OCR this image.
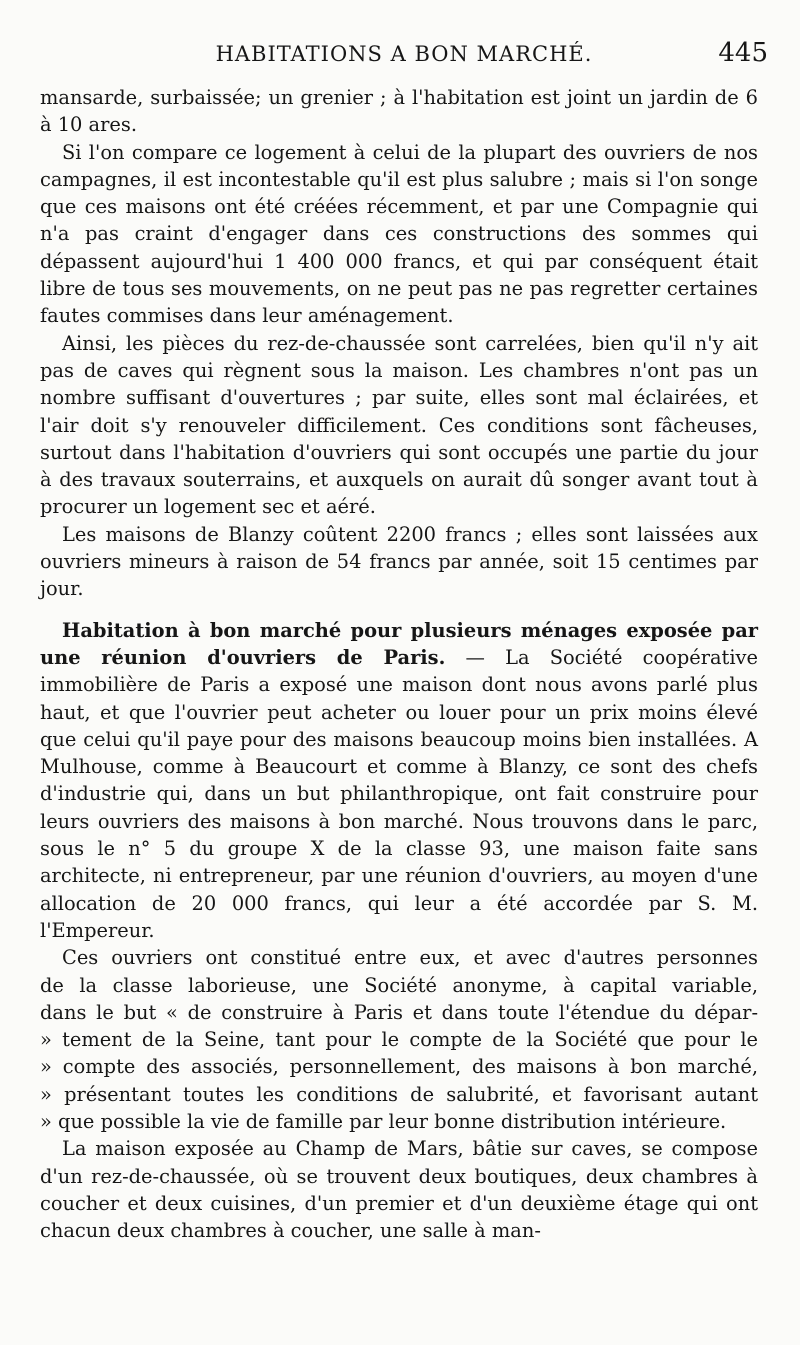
HABITATIONS A BON MARCHÉ.	445

mansarde, surbaissée; un grenier ; à l'habitation est joint un jardin de 6 à 10 ares.

Si l'on compare ce logement à celui de la plupart des ouvriers de nos campagnes, il est incontestable qu'il est plus salubre ; mais si l'on songe que ces maisons ont été créées récemment, et par une Compagnie qui n'a pas craint d'engager dans ces constructions des sommes qui dépassent aujourd'hui 1 400 000 francs, et qui par conséquent était libre de tous ses mouvements, on ne peut pas ne pas regretter certaines fautes commises dans leur aménagement.

Ainsi, les pièces du rez-de-chaussée sont carrelées, bien qu'il n'y ait pas de caves qui règnent sous la maison. Les chambres n'ont pas un nombre suffisant d'ouvertures ; par suite, elles sont mal éclairées, et l'air doit s'y renouveler difficilement. Ces conditions sont fâcheuses, surtout dans l'habitation d'ouvriers qui sont occupés une partie du jour à des travaux souterrains, et auxquels on aurait dû songer avant tout à procurer un logement sec et aéré.

Les maisons de Blanzy coûtent 2200 francs ; elles sont laissées aux ouvriers mineurs à raison de 54 francs par année, soit 15 centimes par jour.

Habitation à bon marché pour plusieurs ménages exposée par une réunion d'ouvriers de Paris. — La Société coopérative immobilière de Paris a exposé une maison dont nous avons parlé plus haut, et que l'ouvrier peut acheter ou louer pour un prix moins élevé que celui qu'il paye pour des maisons beaucoup moins bien installées. A Mulhouse, comme à Beaucourt et comme à Blanzy, ce sont des chefs d'industrie qui, dans un but philanthropique, ont fait construire pour leurs ouvriers des maisons à bon marché. Nous trouvons dans le parc, sous le n° 5 du groupe X de la classe 93, une maison faite sans architecte, ni entrepreneur, par une réunion d'ouvriers, au moyen d'une allocation de 20 000 francs, qui leur a été accordée par S. M. l'Empereur.

Ces ouvriers ont constitué entre eux, et avec d'autres personnes
de la classe laborieuse, une Société anonyme, à capital variable,
dans le but « de construire à Paris et dans toute l'étendue du dépar-
» tement de la Seine, tant pour le compte de la Société que pour le
» compte des associés, personnellement, des maisons à bon marché,
» présentant toutes les conditions de salubrité, et favorisant autant
» que possible la vie de famille par leur bonne distribution intérieure.

La maison exposée au Champ de Mars, bâtie sur caves, se compose d'un rez-de-chaussée, où se trouvent deux boutiques, deux chambres à coucher et deux cuisines, d'un premier et d'un deuxième étage qui ont chacun deux chambres à coucher, une salle à man-
